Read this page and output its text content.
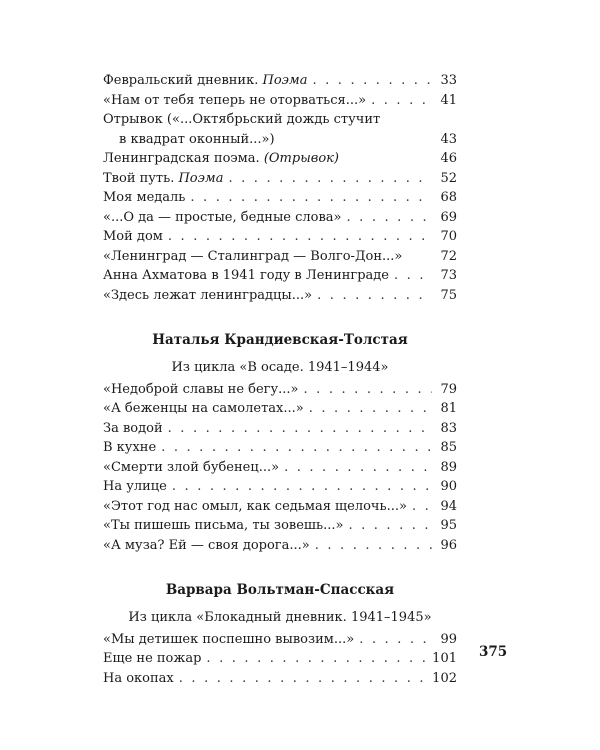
Февральский дневник. Поэма . . .	33
«Нам от тебя теперь не оторваться...» . . .	41
Отрывок («...Октябрьский дождь стучит
в квадрат оконный...»)	43
Ленинградская поэма. (Отрывок)	46
Твой путь. Поэма . . .	52
Моя медаль . . .	68
«...О да — простые, бедные слова» . . .	69
Мой дом . . .	70
«Ленинград — Сталинград — Волго-Дон...»	72
Анна Ахматова в 1941 году в Ленинграде . . .	73
«Здесь лежат ленинградцы...» . . .	75
Наталья Крандиевская-Толстая
Из цикла «В осаде. 1941–1944»
«Недоброй славы не бегу...» . . .	79
«А беженцы на самолетах...» . . .	81
За водой . . .	83
В кухне . . .	85
«Смерти злой бубенец...» . . .	89
На улице . . .	90
«Этот год нас омыл, как седьмая щелочь...» . . .	94
«Ты пишешь письма, ты зовешь...» . . .	95
«А муза? Ей — своя дорога...» . . .	96
Варвара Вольтман-Спасская
Из цикла «Блокадный дневник. 1941–1945»
«Мы детишек поспешно вывозим...» . . .	99
Еще не пожар . . .	101
На окопах . . .	102
375
